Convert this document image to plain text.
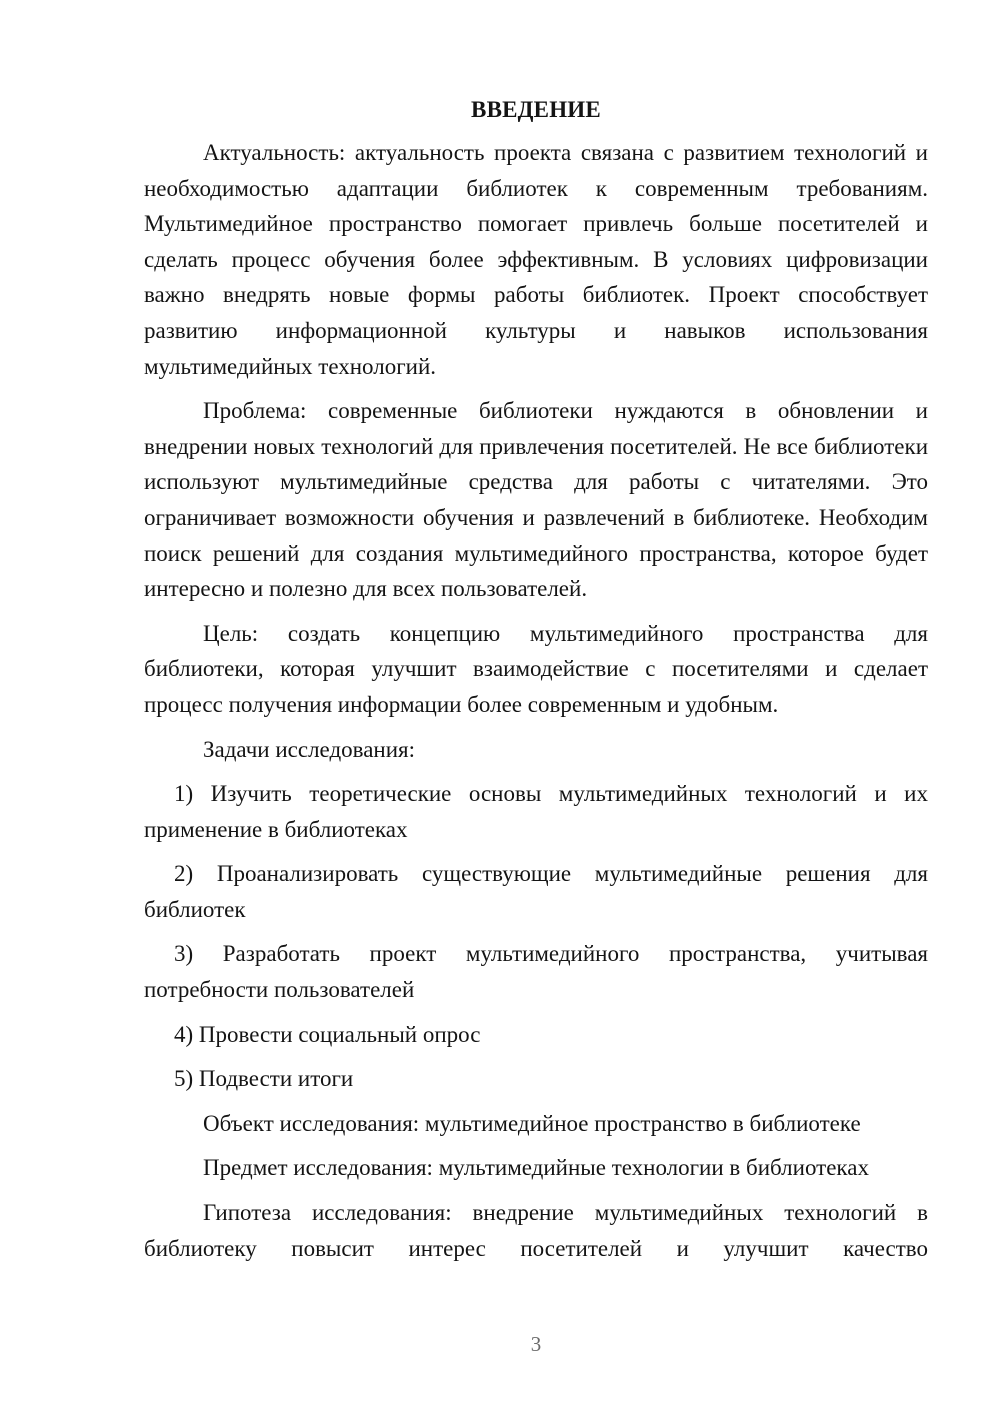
ВВЕДЕНИЕ

Актуальность: актуальность проекта связана с развитием технологий и необходимостью адаптации библиотек к современным требованиям. Мультимедийное пространство помогает привлечь больше посетителей и сделать процесс обучения более эффективным. В условиях цифровизации важно внедрять новые формы работы библиотек. Проект способствует развитию информационной культуры и навыков использования мультимедийных технологий.

Проблема: современные библиотеки нуждаются в обновлении и внедрении новых технологий для привлечения посетителей. Не все библиотеки используют мультимедийные средства для работы с читателями. Это ограничивает возможности обучения и развлечений в библиотеке. Необходим поиск решений для создания мультимедийного пространства, которое будет интересно и полезно для всех пользователей.

Цель: создать концепцию мультимедийного пространства для библиотеки, которая улучшит взаимодействие с посетителями и сделает процесс получения информации более современным и удобным.

Задачи исследования:

1) Изучить теоретические основы мультимедийных технологий и их применение в библиотеках

2) Проанализировать существующие мультимедийные решения для библиотек

3) Разработать проект мультимедийного пространства, учитывая потребности пользователей

4) Провести социальный опрос

5) Подвести итоги

Объект исследования: мультимедийное пространство в библиотеке

Предмет исследования: мультимедийные технологии в библиотеках

Гипотеза исследования: внедрение мультимедийных технологий в библиотеку повысит интерес посетителей и улучшит качество

3
